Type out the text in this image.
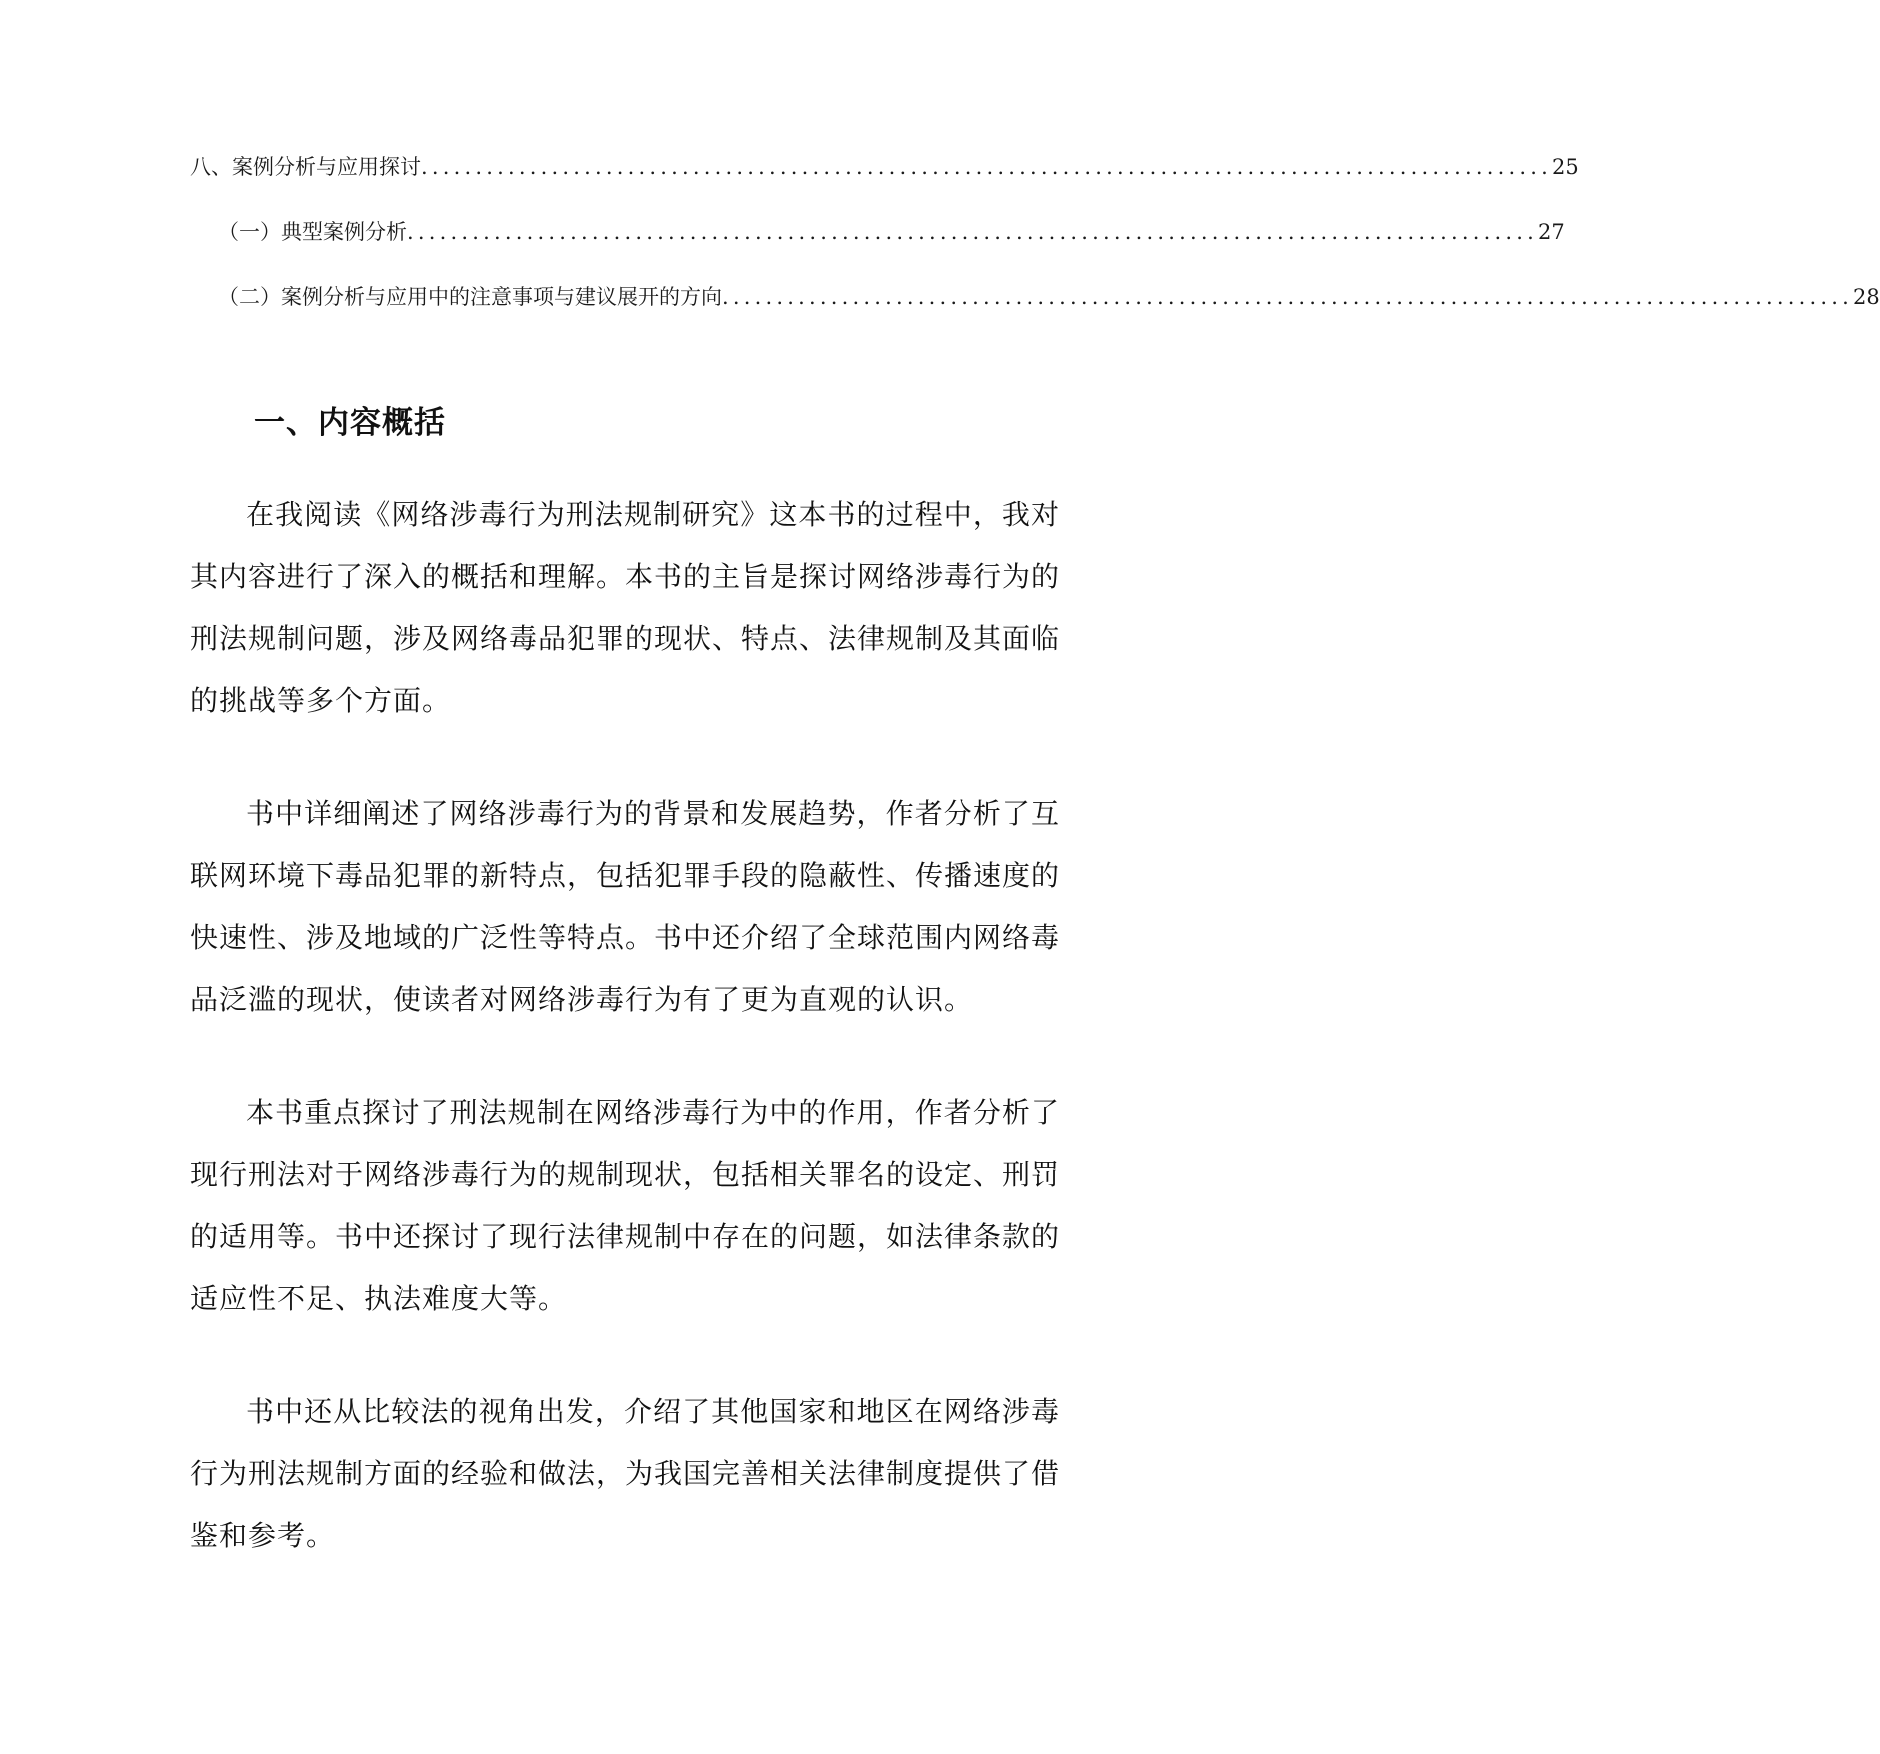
八、案例分析与应用探讨 ........................................................................................................ 25
（一）典型案例分析 ........................................................................................................ 27
（二）案例分析与应用中的注意事项与建议展开的方向 ........................................................................................................ 28
一、内容概括

在我阅读《网络涉毒行为刑法规制研究》这本书的过程中，我对其内容进行了深入的概括和理解。本书的主旨是探讨网络涉毒行为的刑法规制问题，涉及网络毒品犯罪的现状、特点、法律规制及其面临的挑战等多个方面。

书中详细阐述了网络涉毒行为的背景和发展趋势，作者分析了互联网环境下毒品犯罪的新特点，包括犯罪手段的隐蔽性、传播速度的快速性、涉及地域的广泛性等特点。书中还介绍了全球范围内网络毒品泛滥的现状，使读者对网络涉毒行为有了更为直观的认识。

本书重点探讨了刑法规制在网络涉毒行为中的作用，作者分析了现行刑法对于网络涉毒行为的规制现状，包括相关罪名的设定、刑罚的适用等。书中还探讨了现行法律规制中存在的问题，如法律条款的适应性不足、执法难度大等。

书中还从比较法的视角出发，介绍了其他国家和地区在网络涉毒行为刑法规制方面的经验和做法，为我国完善相关法律制度提供了借鉴和参考。
